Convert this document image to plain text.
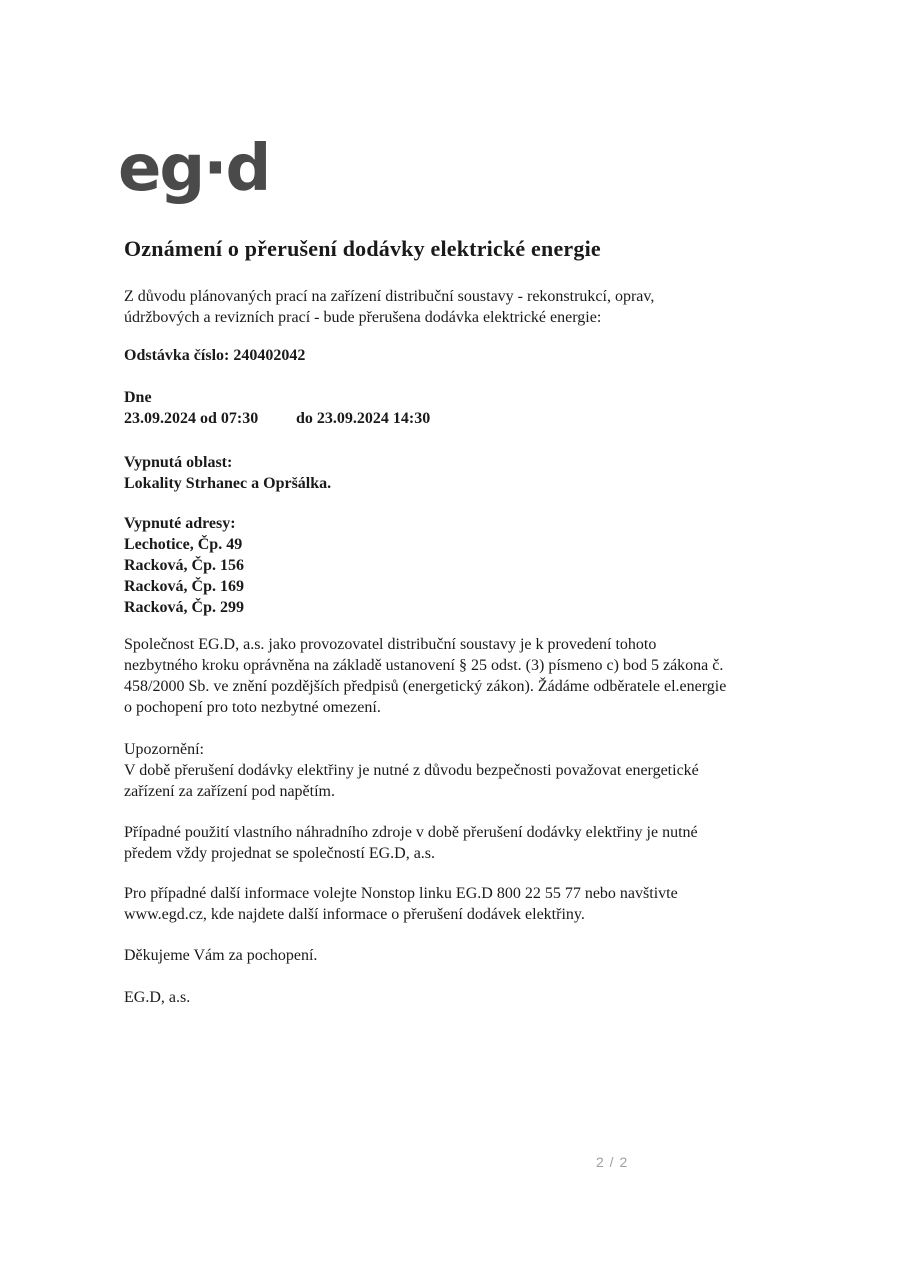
eg·d
Oznámení o přerušení dodávky elektrické energie

Z důvodu plánovaných prací na zařízení distribuční soustavy - rekonstrukcí, oprav,
údržbových a revizních prací - bude přerušena dodávka elektrické energie:

Odstávka číslo: 240402042

Dne
23.09.2024 od 07:30	do 23.09.2024 14:30
Vypnutá oblast:
Lokality Strhanec a Opršálka.
Vypnuté adresy:
Lechotice, Čp. 49
Racková, Čp. 156
Racková, Čp. 169
Racková, Čp. 299

Společnost EG.D, a.s. jako provozovatel distribuční soustavy je k provedení tohoto
nezbytného kroku oprávněna na základě ustanovení § 25 odst. (3) písmeno c) bod 5 zákona č.
458/2000 Sb. ve znění pozdějších předpisů (energetický zákon). Žádáme odběratele el.energie
o pochopení pro toto nezbytné omezení.

Upozornění:
V době přerušení dodávky elektřiny je nutné z důvodu bezpečnosti považovat energetické
zařízení za zařízení pod napětím.

Případné použití vlastního náhradního zdroje v době přerušení dodávky elektřiny je nutné
předem vždy projednat se společností EG.D, a.s.

Pro případné další informace volejte Nonstop linku EG.D 800 22 55 77 nebo navštivte
www.egd.cz, kde najdete další informace o přerušení dodávek elektřiny.

Děkujeme Vám za pochopení.

EG.D, a.s.

2 / 2
